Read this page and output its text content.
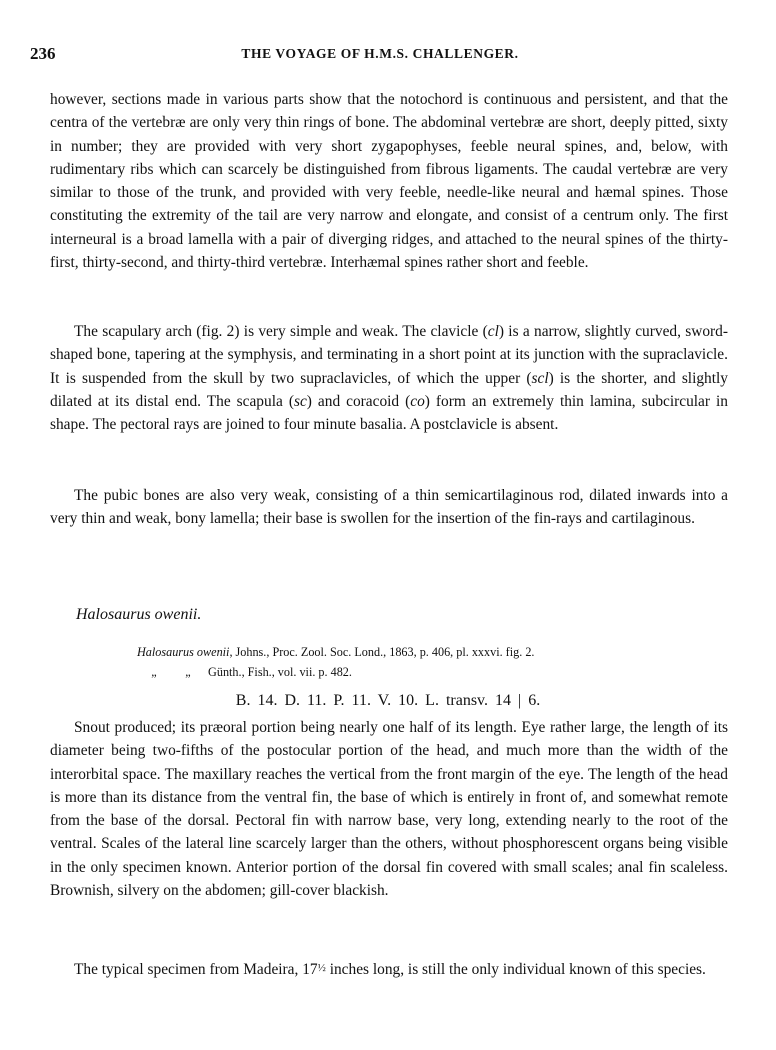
236	THE VOYAGE OF H.M.S. CHALLENGER.

however, sections made in various parts show that the notochord is continuous and persistent, and that the centra of the vertebræ are only very thin rings of bone. The abdominal vertebræ are short, deeply pitted, sixty in number; they are provided with very short zygapophyses, feeble neural spines, and, below, with rudimentary ribs which can scarcely be distinguished from fibrous ligaments. The caudal vertebræ are very similar to those of the trunk, and provided with very feeble, needle-like neural and hæmal spines. Those constituting the extremity of the tail are very narrow and elongate, and consist of a centrum only. The first interneural is a broad lamella with a pair of diverging ridges, and attached to the neural spines of the thirty-first, thirty-second, and thirty-third vertebræ. Interhæmal spines rather short and feeble.

The scapulary arch (fig. 2) is very simple and weak. The clavicle (cl) is a narrow, slightly curved, sword-shaped bone, tapering at the symphysis, and terminating in a short point at its junction with the supraclavicle. It is suspended from the skull by two supraclavicles, of which the upper (scl) is the shorter, and slightly dilated at its distal end. The scapula (sc) and coracoid (co) form an extremely thin lamina, subcircular in shape. The pectoral rays are joined to four minute basalia. A postclavicle is absent.

The pubic bones are also very weak, consisting of a thin semicartilaginous rod, dilated inwards into a very thin and weak, bony lamella; their base is swollen for the insertion of the fin-rays and cartilaginous.

Halosaurus owenii.
Halosaurus owenii, Johns., Proc. Zool. Soc. Lond., 1863, p. 406, pl. xxxvi. fig. 2.
„ „ Günth., Fish., vol. vii. p. 482.
B. 14. D. 11. P. 11. V. 10. L. transv. 14 | 6.

Snout produced; its præoral portion being nearly one half of its length. Eye rather large, the length of its diameter being two-fifths of the postocular portion of the head, and much more than the width of the interorbital space. The maxillary reaches the vertical from the front margin of the eye. The length of the head is more than its distance from the ventral fin, the base of which is entirely in front of, and somewhat remote from the base of the dorsal. Pectoral fin with narrow base, very long, extending nearly to the root of the ventral. Scales of the lateral line scarcely larger than the others, without phosphorescent organs being visible in the only specimen known. Anterior portion of the dorsal fin covered with small scales; anal fin scaleless. Brownish, silvery on the abdomen; gill-cover blackish.

The typical specimen from Madeira, 17½ inches long, is still the only individual known of this species.
